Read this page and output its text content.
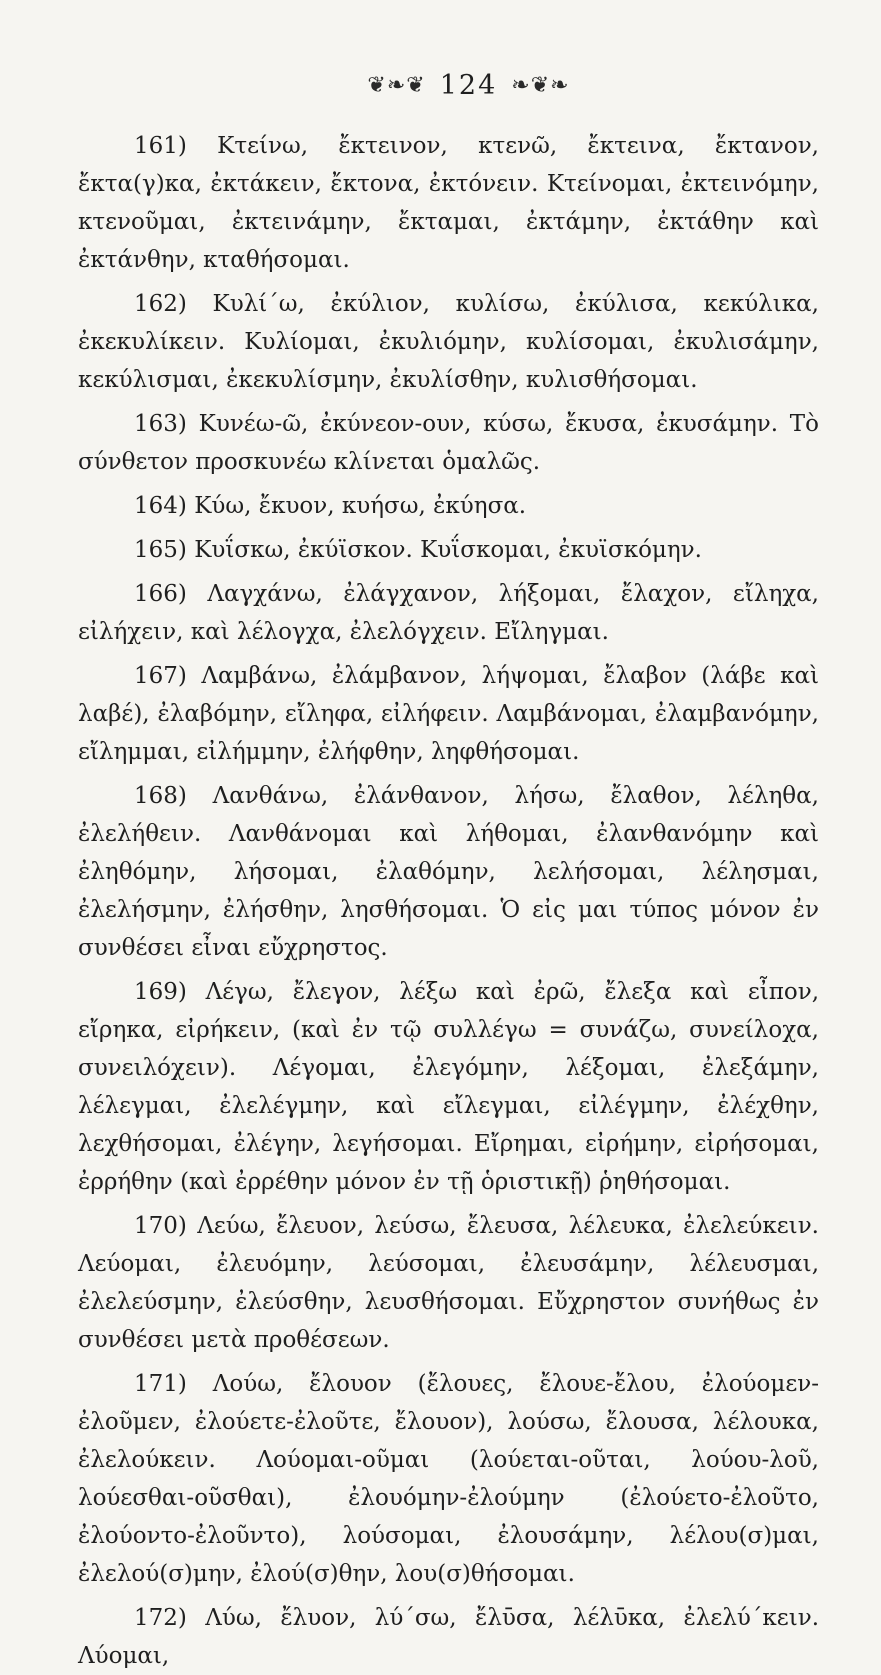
❦❧❦ 124 ❧❦❧

161) Κτείνω, ἔκτεινον, κτενῶ, ἔκτεινα, ἔκτανον, ἔκτα(γ)κα, ἐκτάκειν, ἔκτονα, ἐκτόνειν. Κτείνομαι, ἐκτεινόμην, κτενοῦμαι, ἐκτεινάμην, ἔκταμαι, ἐκτάμην, ἐκτάθην καὶ ἐκτάνθην, κταθήσομαι.

162) Κυλί΄ω, ἐκύλιον, κυλίσω, ἐκύλισα, κεκύλικα, ἐκεκυλίκειν. Κυλίομαι, ἐκυλιόμην, κυλίσομαι, ἐκυλισάμην, κεκύλισμαι, ἐκεκυλίσμην, ἐκυλίσθην, κυλισθήσομαι.

163) Κυνέω-ῶ, ἐκύνεον-ουν, κύσω, ἔκυσα, ἐκυσάμην. Τὸ σύνθετον προσκυνέω κλίνεται ὁμαλῶς.

164) Κύω, ἔκυον, κυήσω, ἐκύησα.

165) Κυΐσκω, ἐκύϊσκον. Κυΐσκομαι, ἐκυϊσκόμην.

166) Λαγχάνω, ἐλάγχανον, λήξομαι, ἔλαχον, εἴληχα, εἰλήχειν, καὶ λέλογχα, ἐλελόγχειν. Εἴληγμαι.

167) Λαμβάνω, ἐλάμβανον, λήψομαι, ἔλαβον (λάβε καὶ λαβέ), ἐλαβόμην, εἴληφα, εἰλήφειν. Λαμβάνομαι, ἐλαμβανόμην, εἴλημμαι, εἰλήμμην, ἐλήφθην, ληφθήσομαι.

168) Λανθάνω, ἐλάνθανον, λήσω, ἔλαθον, λέληθα, ἐλελήθειν. Λανθάνομαι καὶ λήθομαι, ἐλανθανόμην καὶ ἐληθόμην, λήσομαι, ἐλαθόμην, λελήσομαι, λέλησμαι, ἐλελήσμην, ἐλήσθην, λησθήσομαι. Ὁ εἰς μαι τύπος μόνον ἐν συνθέσει εἶναι εὔχρηστος.

169) Λέγω, ἔλεγον, λέξω καὶ ἐρῶ, ἔλεξα καὶ εἶπον, εἴρηκα, εἰρήκειν, (καὶ ἐν τῷ συλλέγω = συνάζω, συνείλοχα, συνειλόχειν). Λέγομαι, ἐλεγόμην, λέξομαι, ἐλεξάμην, λέλεγμαι, ἐλελέγμην, καὶ εἴλεγμαι, εἰλέγμην, ἐλέχθην, λεχθήσομαι, ἐλέγην, λεγήσομαι. Εἴρημαι, εἰρήμην, εἰρήσομαι, ἐρρήθην (καὶ ἐρρέθην μόνον ἐν τῇ ὁριστικῇ) ῥηθήσομαι.

170) Λεύω, ἔλευον, λεύσω, ἔλευσα, λέλευκα, ἐλελεύκειν. Λεύομαι, ἐλευόμην, λεύσομαι, ἐλευσάμην, λέλευσμαι, ἐλελεύσμην, ἐλεύσθην, λευσθήσομαι. Εὔχρηστον συνήθως ἐν συνθέσει μετὰ προθέσεων.

171) Λούω, ἔλουον (ἔλουες, ἔλουε-ἔλου, ἐλούομεν-ἐλοῦμεν, ἐλούετε-ἐλοῦτε, ἔλουον), λούσω, ἔλουσα, λέλουκα, ἐλελούκειν. Λούομαι-οῦμαι (λούεται-οῦται, λούου-λοῦ, λούεσθαι-οῦσθαι), ἐλουόμην-ἐλούμην (ἐλούετο-ἐλοῦτο, ἐλούοντο-ἐλοῦντο), λούσομαι, ἐλουσάμην, λέλου(σ)μαι, ἐλελού(σ)μην, ἐλού(σ)θην, λου(σ)θήσομαι.

172) Λύω, ἔλυον, λύ΄σω, ἔλῡσα, λέλῡκα, ἐλελύ΄κειν. Λύομαι,
